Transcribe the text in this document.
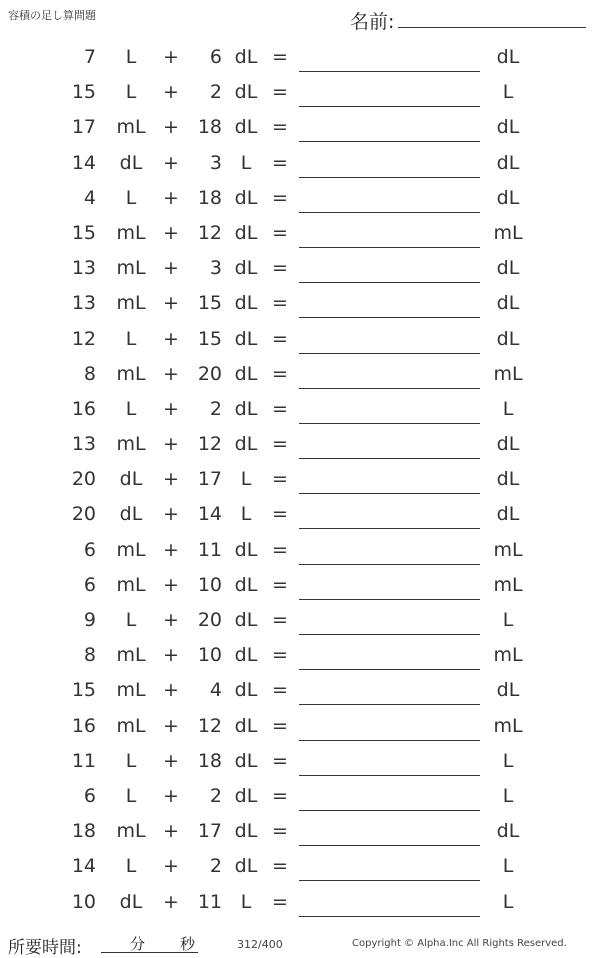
容積の足し算問題	名前:
7	L	+	6 dL =	dL
15	L	+	2 dL =	L
17 mL + 18 dL =	dL
14	dL	+	3 L	=	dL
4	L	+ 18 dL =	dL
15 mL + 12 dL =	mL
13 mL +	3 dL =	dL
13 mL + 15 dL =	dL
12	L	+ 15 dL =	dL
8 mL + 20 dL =	mL
16	L	+	2 dL =	L
13 mL + 12 dL =	dL
20	dL	+ 17 L	=	dL
20	dL	+ 14 L	=	dL
6 mL + 11 dL =	mL
6 mL + 10 dL =	mL
9	L	+ 20 dL =	L
8 mL + 10 dL =	mL
15 mL +	4 dL =	dL
16 mL + 12 dL =	mL
11	L	+ 18 dL =	L
6	L	+	2 dL =	L
18 mL + 17 dL =	dL
14	L	+	2 dL =	L
10	dL	+ 11 L	=	L
所要時間:	分 秒	312/400	Copyright © Alpha.Inc All Rights Reserved.
